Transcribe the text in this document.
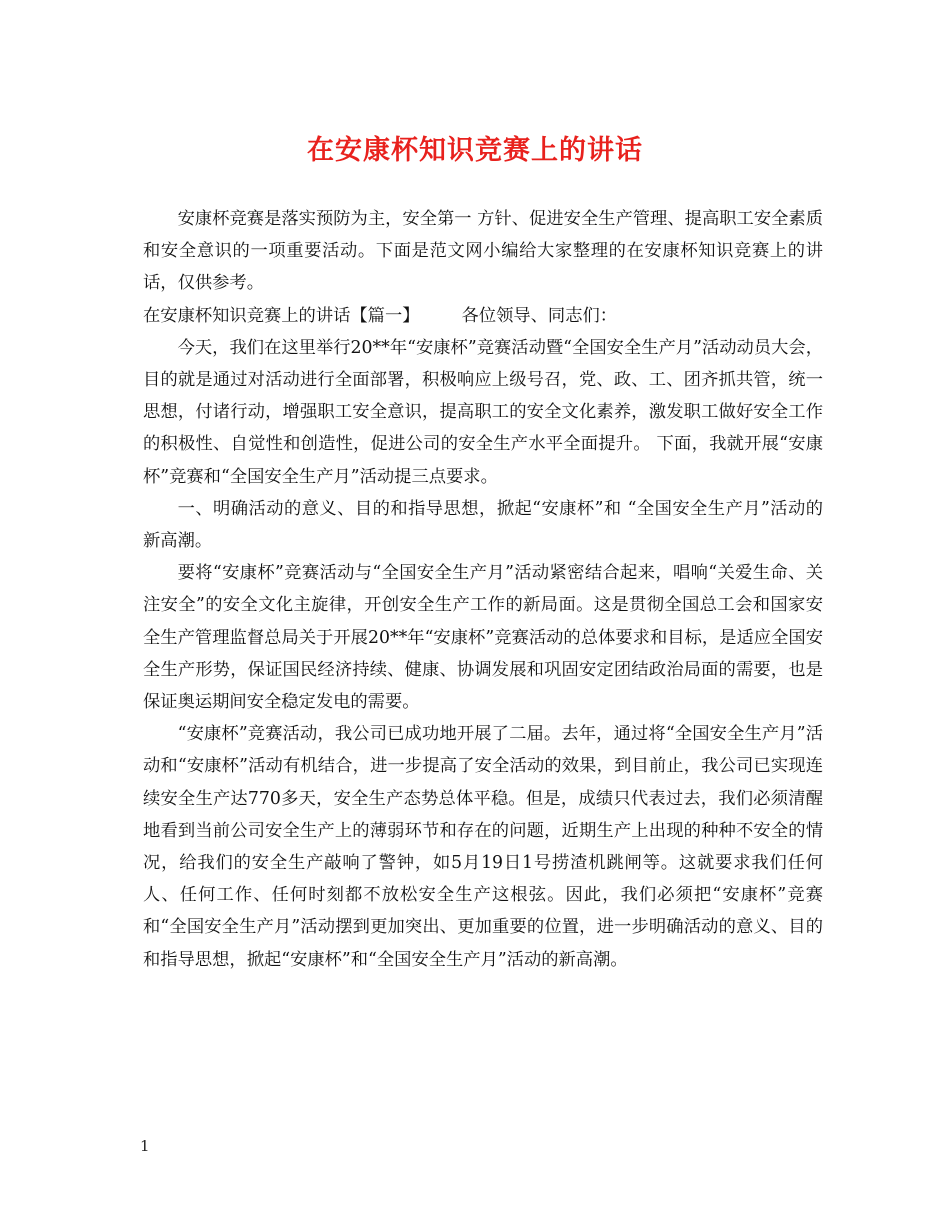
在安康杯知识竞赛上的讲话

安康杯竞赛是落实预防为主，安全第一 方针、促进安全生产管理、提高职工安全素质和安全意识的一项重要活动。下面是范文网小编给大家整理的在安康杯知识竞赛上的讲话，仅供参考。

在安康杯知识竞赛上的讲话【篇一】 各位领导、同志们：

今天，我们在这里举行20**年“安康杯”竞赛活动暨“全国安全生产月”活动动员大会，目的就是通过对活动进行全面部署，积极响应上级号召，党、政、工、团齐抓共管，统一思想，付诸行动，增强职工安全意识，提高职工的安全文化素养，激发职工做好安全工作的积极性、自觉性和创造性，促进公司的安全生产水平全面提升。 下面，我就开展“安康杯”竞赛和“全国安全生产月”活动提三点要求。

一、明确活动的意义、目的和指导思想，掀起“安康杯”和 “全国安全生产月”活动的新高潮。

要将“安康杯”竞赛活动与“全国安全生产月”活动紧密结合起来，唱响“关爱生命、关注安全”的安全文化主旋律，开创安全生产工作的新局面。这是贯彻全国总工会和国家安全生产管理监督总局关于开展20**年“安康杯”竞赛活动的总体要求和目标，是适应全国安全生产形势，保证国民经济持续、健康、协调发展和巩固安定团结政治局面的需要，也是保证奥运期间安全稳定发电的需要。

“安康杯”竞赛活动，我公司已成功地开展了二届。去年，通过将“全国安全生产月”活动和“安康杯”活动有机结合，进一步提高了安全活动的效果，到目前止，我公司已实现连续安全生产达770多天，安全生产态势总体平稳。但是，成绩只代表过去，我们必须清醒地看到当前公司安全生产上的薄弱环节和存在的问题，近期生产上出现的种种不安全的情况，给我们的安全生产敲响了警钟，如5月19日1号捞渣机跳闸等。这就要求我们任何人、任何工作、任何时刻都不放松安全生产这根弦。因此，我们必须把“安康杯”竞赛和“全国安全生产月”活动摆到更加突出、更加重要的位置，进一步明确活动的意义、目的和指导思想，掀起“安康杯”和“全国安全生产月”活动的新高潮。

1
